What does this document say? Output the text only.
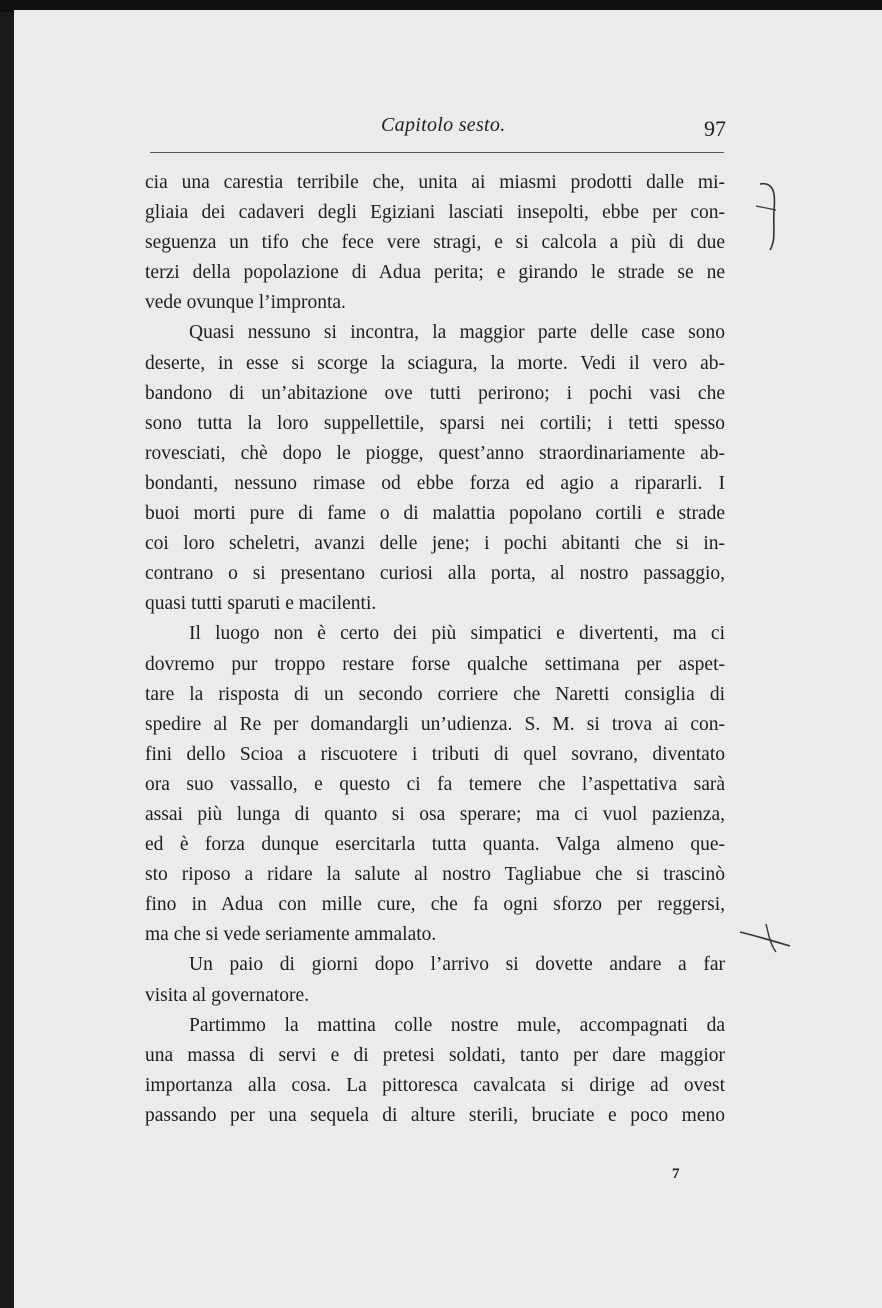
Capitolo sesto.	97
cia una carestia terribile che, unita ai miasmi prodotti dalle mi-
gliaia dei cadaveri degli Egiziani lasciati insepolti, ebbe per con-
seguenza un tifo che fece vere stragi, e si calcola a più di due
terzi della popolazione di Adua perita; e girando le strade se ne
vede ovunque l’impronta.
Quasi nessuno si incontra, la maggior parte delle case sono
deserte, in esse si scorge la sciagura, la morte. Vedi il vero ab-
bandono di un’abitazione ove tutti perirono; i pochi vasi che
sono tutta la loro suppellettile, sparsi nei cortili; i tetti spesso
rovesciati, chè dopo le piogge, quest’anno straordinariamente ab-
bondanti, nessuno rimase od ebbe forza ed agio a ripararli. I
buoi morti pure di fame o di malattia popolano cortili e strade
coi loro scheletri, avanzi delle jene; i pochi abitanti che si in-
contrano o si presentano curiosi alla porta, al nostro passaggio,
quasi tutti sparuti e macilenti.
Il luogo non è certo dei più simpatici e divertenti, ma ci
dovremo pur troppo restare forse qualche settimana per aspet-
tare la risposta di un secondo corriere che Naretti consiglia di
spedire al Re per domandargli un’udienza. S. M. si trova ai con-
fini dello Scioa a riscuotere i tributi di quel sovrano, diventato
ora suo vassallo, e questo ci fa temere che l’aspettativa sarà
assai più lunga di quanto si osa sperare; ma ci vuol pazienza,
ed è forza dunque esercitarla tutta quanta. Valga almeno que-
sto riposo a ridare la salute al nostro Tagliabue che si trascinò
fino in Adua con mille cure, che fa ogni sforzo per reggersi,
ma che si vede seriamente ammalato.
Un paio di giorni dopo l’arrivo si dovette andare a far
visita al governatore.
Partimmo la mattina colle nostre mule, accompagnati da
una massa di servi e di pretesi soldati, tanto per dare maggior
importanza alla cosa. La pittoresca cavalcata si dirige ad ovest
passando per una sequela di alture sterili, bruciate e poco meno
7
